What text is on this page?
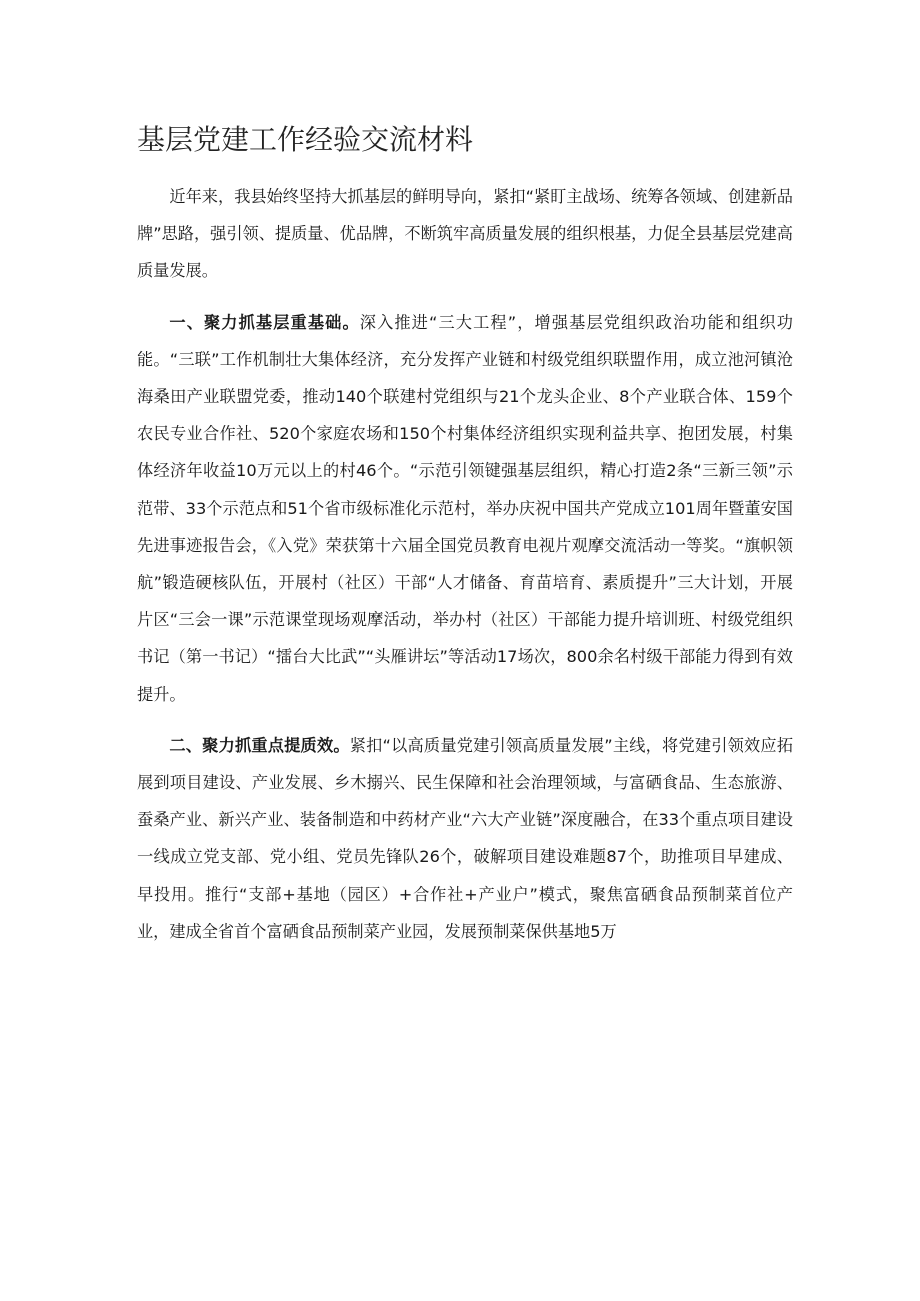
基层党建工作经验交流材料

近年来，我县始终坚持大抓基层的鲜明导向，紧扣“紧盯主战场、统筹各领域、创建新品牌”思路，强引领、提质量、优品牌，不断筑牢高质量发展的组织根基，力促全县基层党建高质量发展。

一、聚力抓基层重基础。深入推进“三大工程”，增强基层党组织政治功能和组织功能。“三联”工作机制壮大集体经济，充分发挥产业链和村级党组织联盟作用，成立池河镇沧海桑田产业联盟党委，推动140个联建村党组织与21个龙头企业、8个产业联合体、159个农民专业合作社、520个家庭农场和150个村集体经济组织实现利益共享、抱团发展，村集体经济年收益10万元以上的村46个。“示范引领键强基层组织，精心打造2条“三新三领”示范带、33个示范点和51个省市级标准化示范村，举办庆祝中国共产党成立101周年暨董安国先进事迹报告会，《入党》荣获第十六届全国党员教育电视片观摩交流活动一等奖。“旗帜领航”锻造硬核队伍，开展村（社区）干部“人才储备、育苗培育、素质提升”三大计划，开展片区“三会一课”示范课堂现场观摩活动，举办村（社区）干部能力提升培训班、村级党组织书记（第一书记）“擂台大比武”“头雁讲坛”等活动17场次，800余名村级干部能力得到有效提升。

二、聚力抓重点提质效。紧扣“以高质量党建引领高质量发展”主线，将党建引领效应拓展到项目建设、产业发展、乡木搦兴、民生保障和社会治理领域，与富硒食品、生态旅游、蚕桑产业、新兴产业、装备制造和中药材产业“六大产业链”深度融合，在33个重点项目建设一线成立党支部、党小组、党员先锋队26个，破解项目建设难题87个，助推项目早建成、早投用。推行“支部+基地（园区）+合作社+产业户”模式，聚焦富硒食品预制菜首位产业，建成全省首个富硒食品预制菜产业园，发展预制菜保供基地5万
